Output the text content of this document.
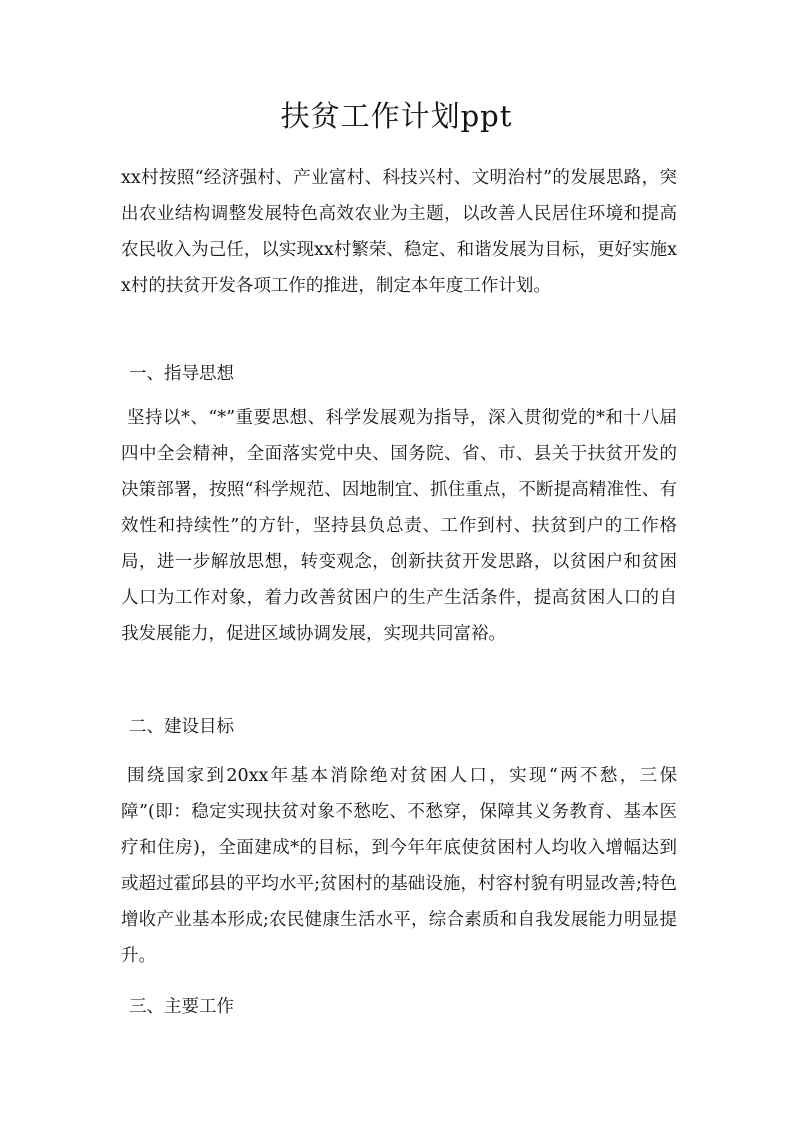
扶贫工作计划ppt

xx村按照“经济强村、产业富村、科技兴村、文明治村”的发展思路，突出农业结构调整发展特色高效农业为主题，以改善人民居住环境和提高农民收入为己任，以实现xx村繁荣、稳定、和谐发展为目标，更好实施xx村的扶贫开发各项工作的推进，制定本年度工作计划。

一、指导思想

坚持以*、“*”重要思想、科学发展观为指导，深入贯彻党的*和十八届四中全会精神，全面落实党中央、国务院、省、市、县关于扶贫开发的决策部署，按照“科学规范、因地制宜、抓住重点，不断提高精准性、有效性和持续性”的方针，坚持县负总责、工作到村、扶贫到户的工作格局，进一步解放思想，转变观念，创新扶贫开发思路，以贫困户和贫困人口为工作对象，着力改善贫困户的生产生活条件，提高贫困人口的自我发展能力，促进区域协调发展，实现共同富裕。

二、建设目标

围绕国家到20xx年基本消除绝对贫困人口，实现“两不愁，三保障”(即：稳定实现扶贫对象不愁吃、不愁穿，保障其义务教育、基本医疗和住房)，全面建成*的目标，到今年年底使贫困村人均收入增幅达到或超过霍邱县的平均水平;贫困村的基础设施，村容村貌有明显改善;特色增收产业基本形成;农民健康生活水平，综合素质和自我发展能力明显提升。

三、主要工作
